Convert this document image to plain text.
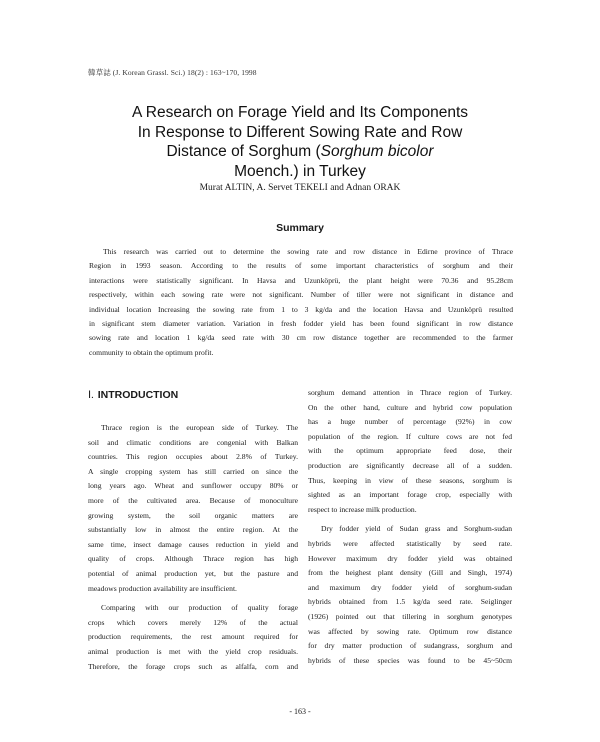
韓草誌 (J. Korean Grassl. Sci.) 18(2) : 163~170, 1998
A Research on Forage Yield and Its Components
In Response to Different Sowing Rate and Row
Distance of Sorghum (Sorghum bicolor
Moench.) in Turkey
Murat ALTIN, A. Servet TEKELI and Adnan ORAK
Summary
This research was carried out to determine the sowing rate and row distance in Edirne province of Thrace
Region in 1993 season. According to the results of some important characteristics of sorghum and their
interactions were statistically significant. In Havsa and Uzunköprü, the plant height were 70.36 and 95.28cm
respectively, within each sowing rate were not significant. Number of tiller were not significant in distance and
individual location Increasing the sowing rate from 1 to 3 kg/da and the location Havsa and Uzunköprü resulted
in significant stem diameter variation. Variation in fresh fodder yield has been found significant in row distance
sowing rate and location 1 kg/da seed rate with 30 cm row distance together are recommended to the farmer
community to obtain the optimum profit.
Ⅰ. INTRODUCTION
Thrace region is the european side of Turkey. The
soil and climatic conditions are congenial with Balkan
countries. This region occupies about 2.8% of Turkey.
A single cropping system has still carried on since the
long years ago. Wheat and sunflower occupy 80% or
more of the cultivated area. Because of monoculture
growing system, the soil organic matters are
substantially low in almost the entire region. At the
same time, insect damage causes reduction in yield and
quality of crops. Although Thrace region has high
potential of animal production yet, but the pasture and
meadows production availability are insufficient.
Comparing with our production of quality forage
crops which covers merely 12% of the actual
production requirements, the rest amount required for
animal production is met with the yield crop residuals.
Therefore, the forage crops such as alfalfa, corn and
sorghum demand attention in Thrace region of Turkey.
On the other hand, culture and hybrid cow population
has a huge number of percentage (92%) in cow
population of the region. If culture cows are not fed
with the optimum appropriate feed dose, their
production are significantly decrease all of a sudden.
Thus, keeping in view of these seasons, sorghum is
sighted as an important forage crop, especially with
respect to increase milk production.
Dry fodder yield of Sudan grass and Sorghum-sudan
hybrids were affected statistically by seed rate.
However maximum dry fodder yield was obtained
from the heighest plant density (Gill and Singh, 1974)
and maximum dry fodder yield of sorghum-sudan
hybrids obtained from 1.5 kg/da seed rate. Seiglinger
(1926) pointed out that tillering in sorghum genotypes
was affected by sowing rate. Optimum row distance
for dry matter production of sudangrass, sorghum and
hybrids of these species was found to be 45~50cm
- 163 -
